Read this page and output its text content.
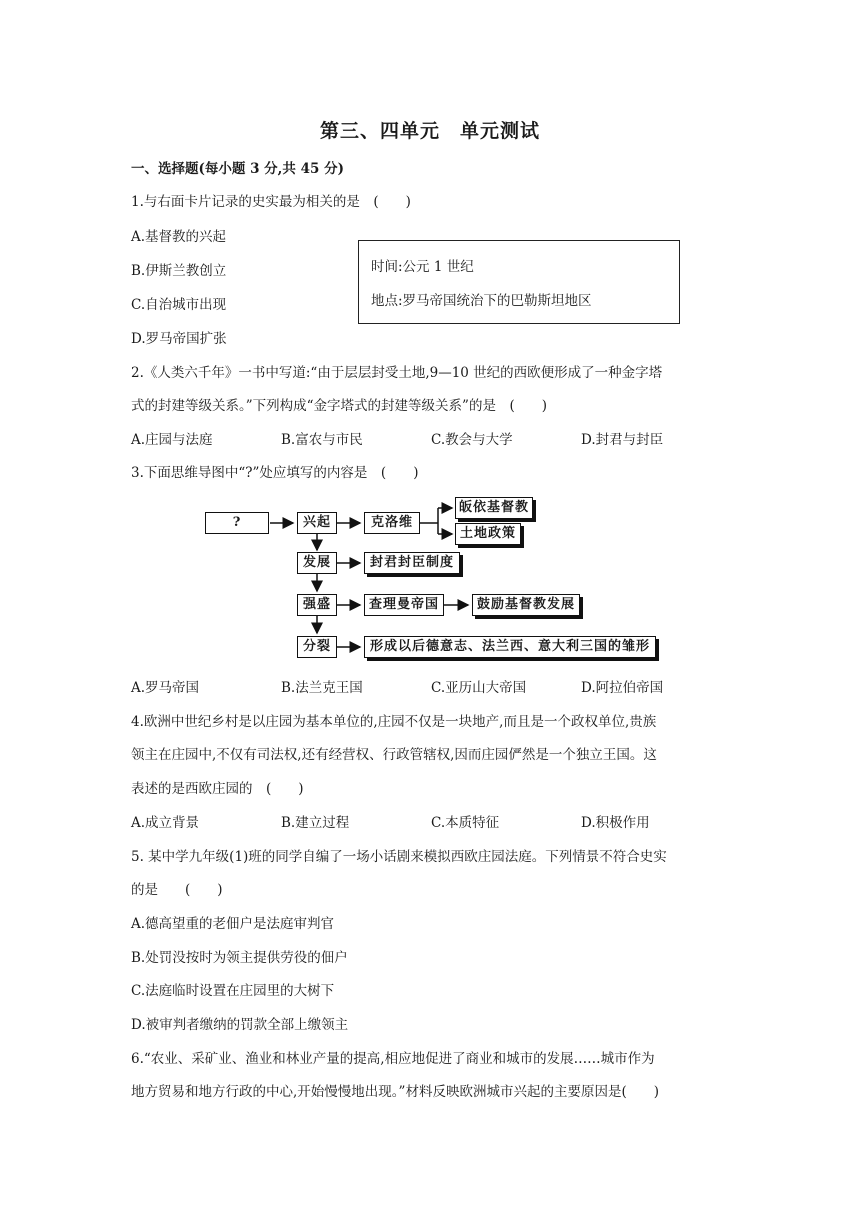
第三、四单元　单元测试
一、选择题(每小题 3 分,共 45 分)
1.与右面卡片记录的史实最为相关的是　(　　)
A.基督教的兴起
B.伊斯兰教创立
C.自治城市出现
D.罗马帝国扩张
时间:公元 1 世纪
地点:罗马帝国统治下的巴勒斯坦地区
2.《人类六千年》一书中写道:“由于层层封受土地,9—10 世纪的西欧便形成了一种金字塔
式的封建等级关系。”下列构成“金字塔式的封建等级关系”的是　(　　)
A.庄园与法庭	B.富农与市民	C.教会与大学	D.封君与封臣
3.下面思维导图中“?”处应填写的内容是　(　　)
?	兴起
发展
强盛
分裂
克洛维
皈依基督教
土地政策
封君封臣制度
查理曼帝国	鼓励基督教发展
形成以后德意志、法兰西、意大利三国的雏形
A.罗马帝国	B.法兰克王国	C.亚历山大帝国	D.阿拉伯帝国
4.欧洲中世纪乡村是以庄园为基本单位的,庄园不仅是一块地产,而且是一个政权单位,贵族
领主在庄园中,不仅有司法权,还有经营权、行政管辖权,因而庄园俨然是一个独立王国。这
表述的是西欧庄园的　(　　)
A.成立背景	B.建立过程	C.本质特征	D.积极作用
5. 某中学九年级(1)班的同学自编了一场小话剧来模拟西欧庄园法庭。下列情景不符合史实
的是　　(　　)
A.德高望重的老佃户是法庭审判官
B.处罚没按时为领主提供劳役的佃户
C.法庭临时设置在庄园里的大树下
D.被审判者缴纳的罚款全部上缴领主
6.“农业、采矿业、渔业和林业产量的提高,相应地促进了商业和城市的发展……城市作为
地方贸易和地方行政的中心,开始慢慢地出现。”材料反映欧洲城市兴起的主要原因是(　　)
